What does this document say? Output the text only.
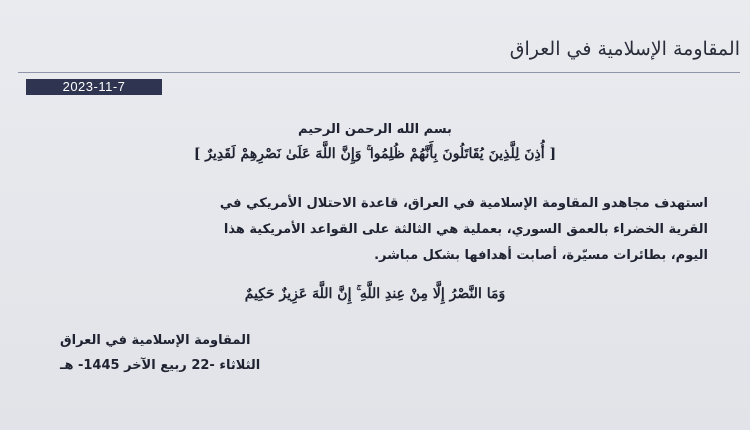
المقاومة الإسلامية في العراق
2023-11-7
بسم الله الرحمن الرحيم
[ أُذِنَ لِلَّذِينَ يُقَاتَلُونَ بِأَنَّهُمْ ظُلِمُوا ۚ وَإِنَّ اللَّهَ عَلَىٰ نَصْرِهِمْ لَقَدِيرٌ ]
استهدف مجاهدو المقاومة الإسلامية في العراق، قاعدة الاحتلال الأمريكي في
القرية الخضراء بالعمق السوري، بعملية هي الثالثة على القواعد الأمريكية هذا
اليوم، بطائرات مسيّرة، أصابت أهدافها بشكل مباشر.
وَمَا النَّصْرُ إِلَّا مِنْ عِندِ اللَّهِ ۚ إِنَّ اللَّهَ عَزِيزٌ حَكِيمٌ
المقاومة الإسلامية في العراق
الثلاثاء -22 ربيع الآخر 1445- هـ
